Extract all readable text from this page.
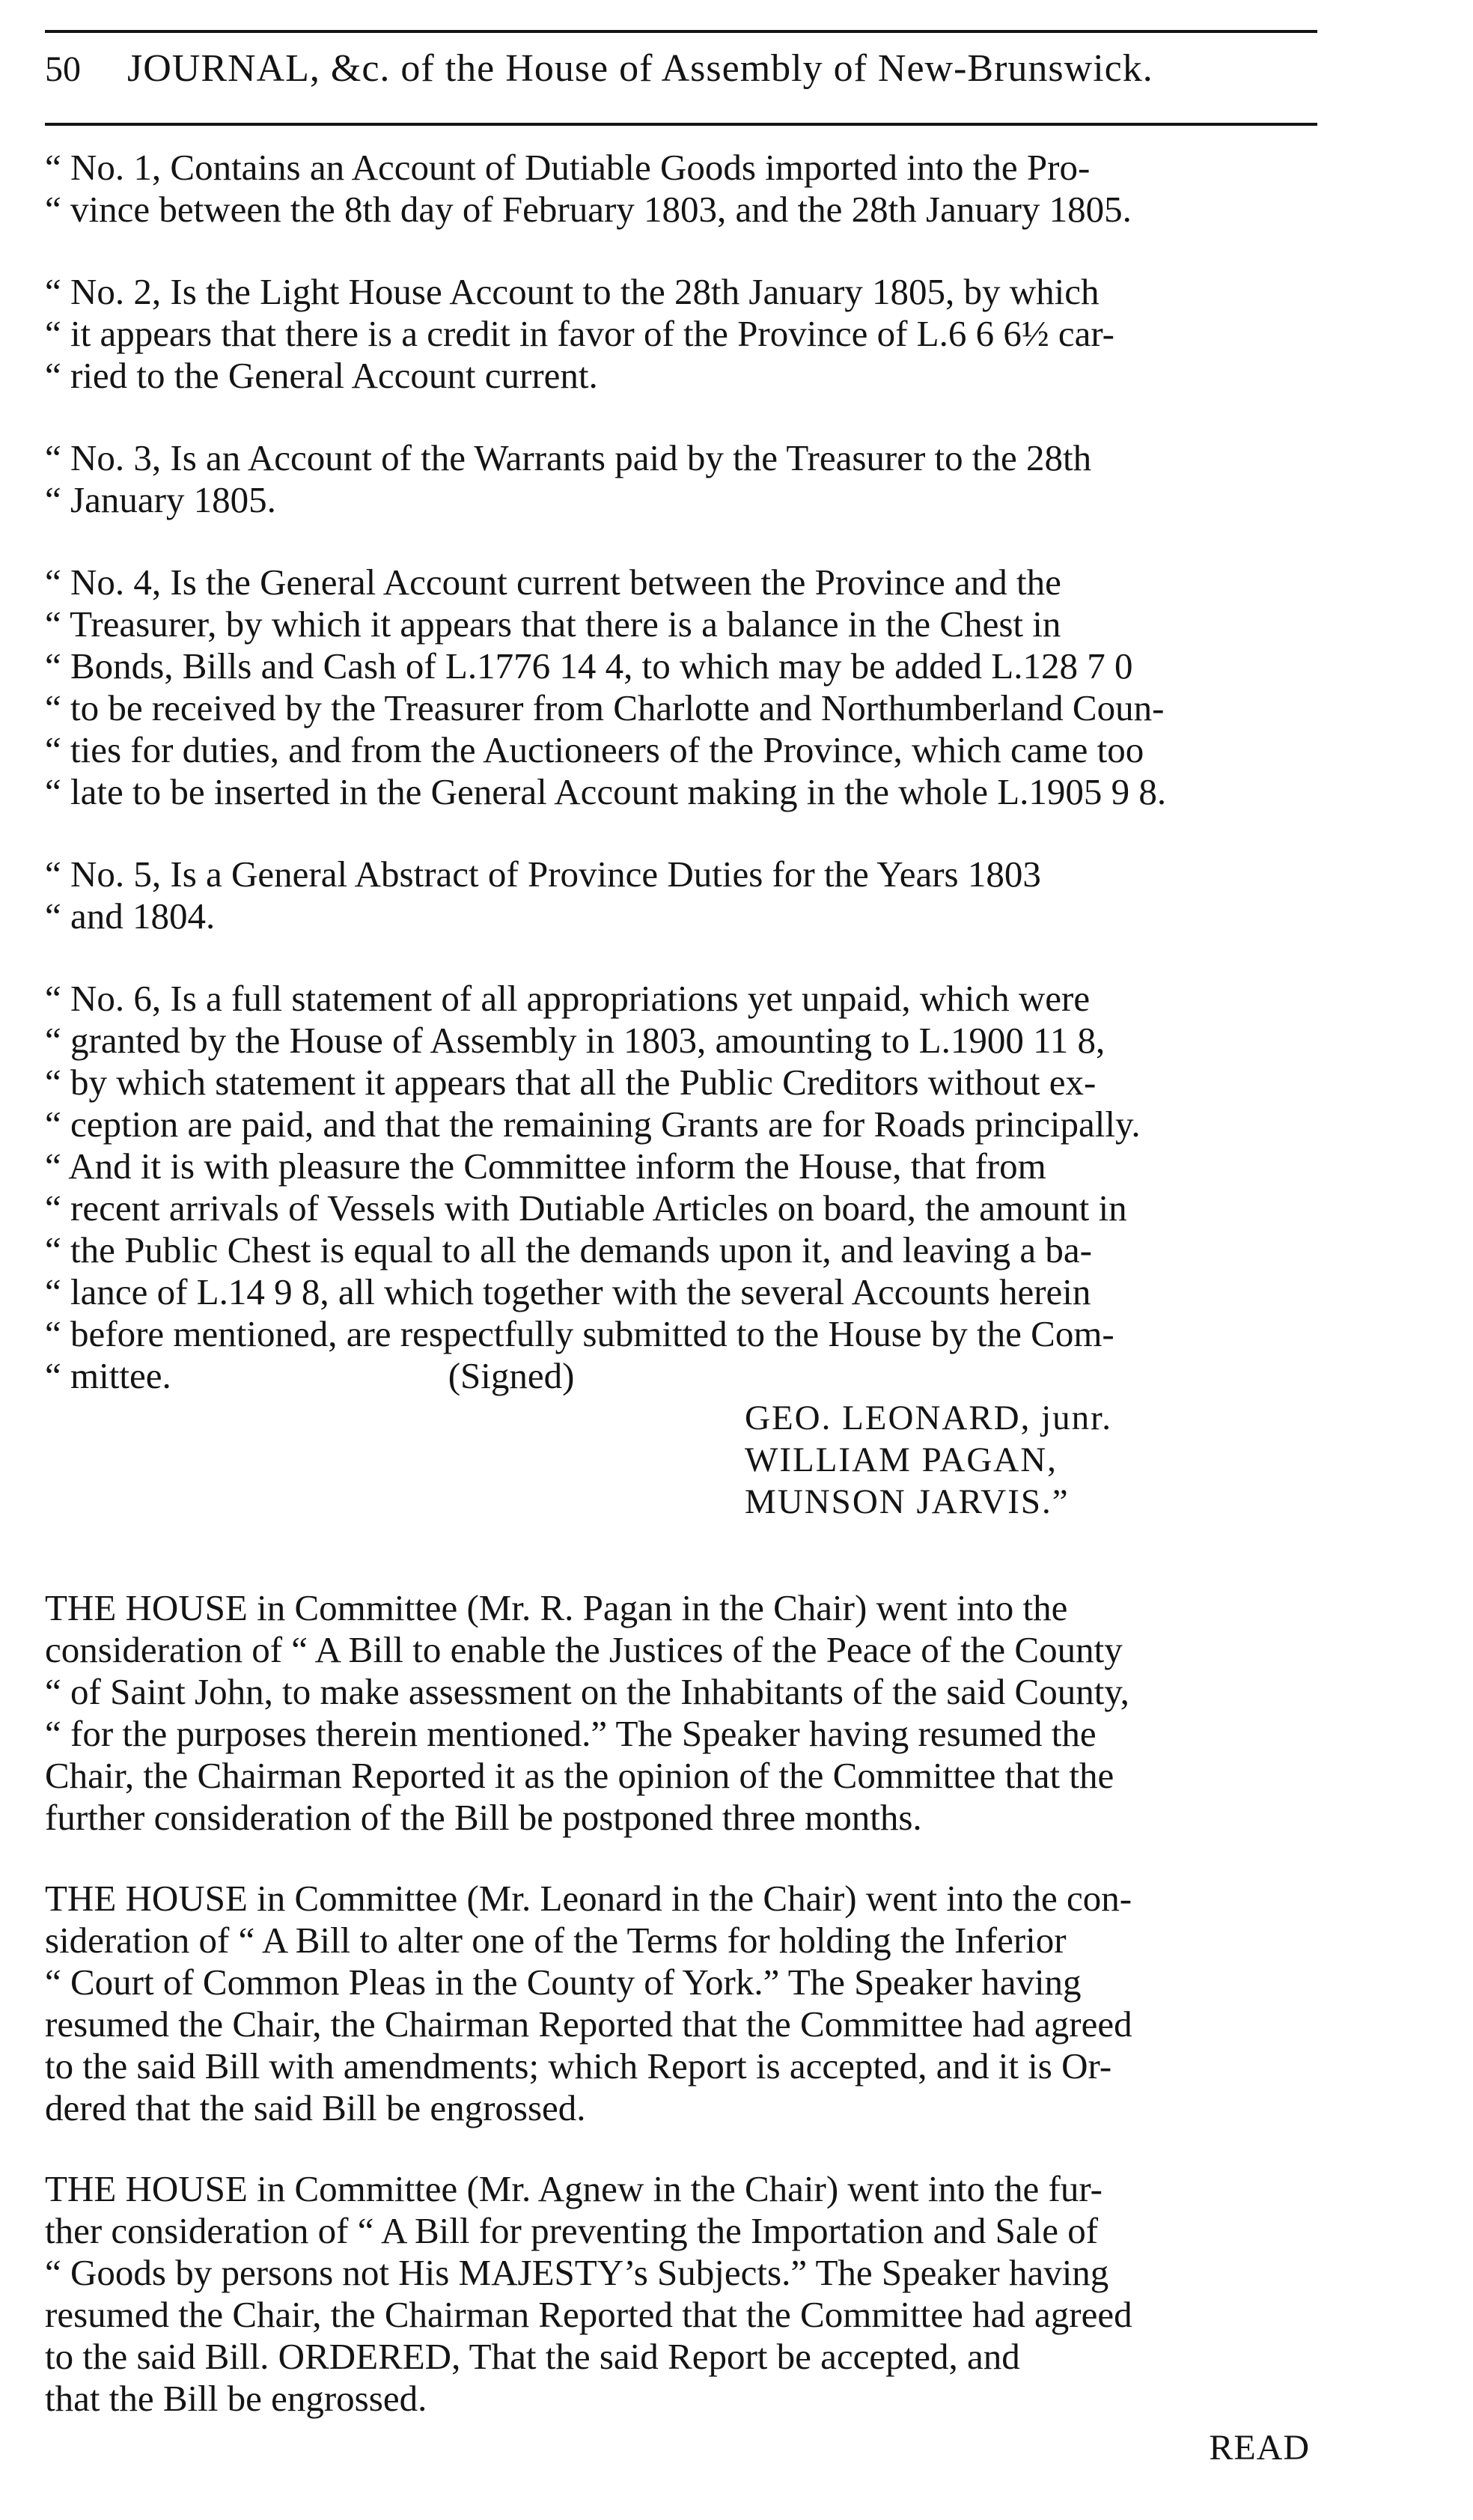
50	JOURNAL, &c. of the House of Assembly of New-Brunswick.

“ No. 1, Contains an Account of Dutiable Goods imported into the Pro-
“ vince between the 8th day of February 1803, and the 28th January 1805.

“ No. 2, Is the Light House Account to the 28th January 1805, by which
“ it appears that there is a credit in favor of the Province of L.6 6 6½ car-
“ ried to the General Account current.

“ No. 3, Is an Account of the Warrants paid by the Treasurer to the 28th
“ January 1805.

“ No. 4, Is the General Account current between the Province and the
“ Treasurer, by which it appears that there is a balance in the Chest in
“ Bonds, Bills and Cash of L.1776 14 4, to which may be added L.128 7 0
“ to be received by the Treasurer from Charlotte and Northumberland Coun-
“ ties for duties, and from the Auctioneers of the Province, which came too
“ late to be inserted in the General Account making in the whole L.1905 9 8.

“ No. 5, Is a General Abstract of Province Duties for the Years 1803
“ and 1804.

“ No. 6, Is a full statement of all appropriations yet unpaid, which were
“ granted by the House of Assembly in 1803, amounting to L.1900 11 8,
“ by which statement it appears that all the Public Creditors without ex-
“ ception are paid, and that the remaining Grants are for Roads principally.
“ And it is with pleasure the Committee inform the House, that from
“ recent arrivals of Vessels with Dutiable Articles on board, the amount in
“ the Public Chest is equal to all the demands upon it, and leaving a ba-
“ lance of L.14 9 8, all which together with the several Accounts herein
“ before mentioned, are respectfully submitted to the House by the Com-

“ mittee.	(Signed)

GEO. LEONARD, junr.
WILLIAM PAGAN,
MUNSON JARVIS.”

THE HOUSE in Committee (Mr. R. Pagan in the Chair) went into the
consideration of “ A Bill to enable the Justices of the Peace of the County
“ of Saint John, to make assessment on the Inhabitants of the said County,
“ for the purposes therein mentioned.” The Speaker having resumed the
Chair, the Chairman Reported it as the opinion of the Committee that the
further consideration of the Bill be postponed three months.

THE HOUSE in Committee (Mr. Leonard in the Chair) went into the con-
sideration of “ A Bill to alter one of the Terms for holding the Inferior
“ Court of Common Pleas in the County of York.” The Speaker having
resumed the Chair, the Chairman Reported that the Committee had agreed
to the said Bill with amendments; which Report is accepted, and it is Or-
dered that the said Bill be engrossed.

THE HOUSE in Committee (Mr. Agnew in the Chair) went into the fur-
ther consideration of “ A Bill for preventing the Importation and Sale of
“ Goods by persons not His MAJESTY’s Subjects.” The Speaker having
resumed the Chair, the Chairman Reported that the Committee had agreed
to the said Bill. ORDERED, That the said Report be accepted, and
that the Bill be engrossed.

READ
